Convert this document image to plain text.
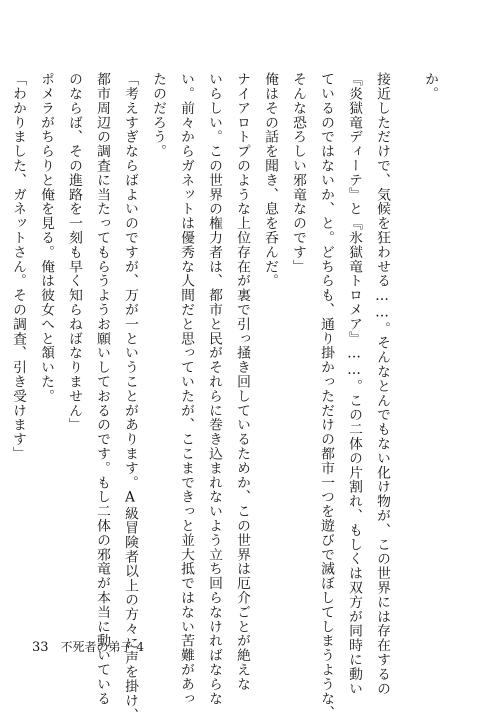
か。
接近しただけで、気候を狂わせる……。そんなとんでもない化け物が、この世界には存在するの
『炎獄竜ディーテ』と『氷獄竜トロメア』……。この二体の片割れ、もしくは双方が同時に動い
ているのではないか、と。どちらも、通り掛かっただけの都市一つを遊びで滅ぼしてしまうような、
そんな恐ろしい邪竜なのです」
俺はその話を聞き、息を呑んだ。
ナイアロトプのような上位存在が裏で引っ掻き回しているためか、この世界は厄介ごとが絶えな
いらしい。この世界の権力者は、都市と民がそれらに巻き込まれないよう立ち回らなければならな
い。前々からガネットは優秀な人間だと思っていたが、ここまできっと並大抵ではない苦難があっ
たのだろう。
「考えすぎならばよいのですが、万が一ということがあります。A級冒険者以上の方々に声を掛け、
都市周辺の調査に当たってもらうようお願いしておるのです。もし二体の邪竜が本当に動いている
のならば、その進路を一刻も早く知らねばなりません」
ポメラがちらりと俺を見る。俺は彼女へと頷いた。
「わかりました、ガネットさん。その調査、引き受けます」
33 不死者の弟子 4
